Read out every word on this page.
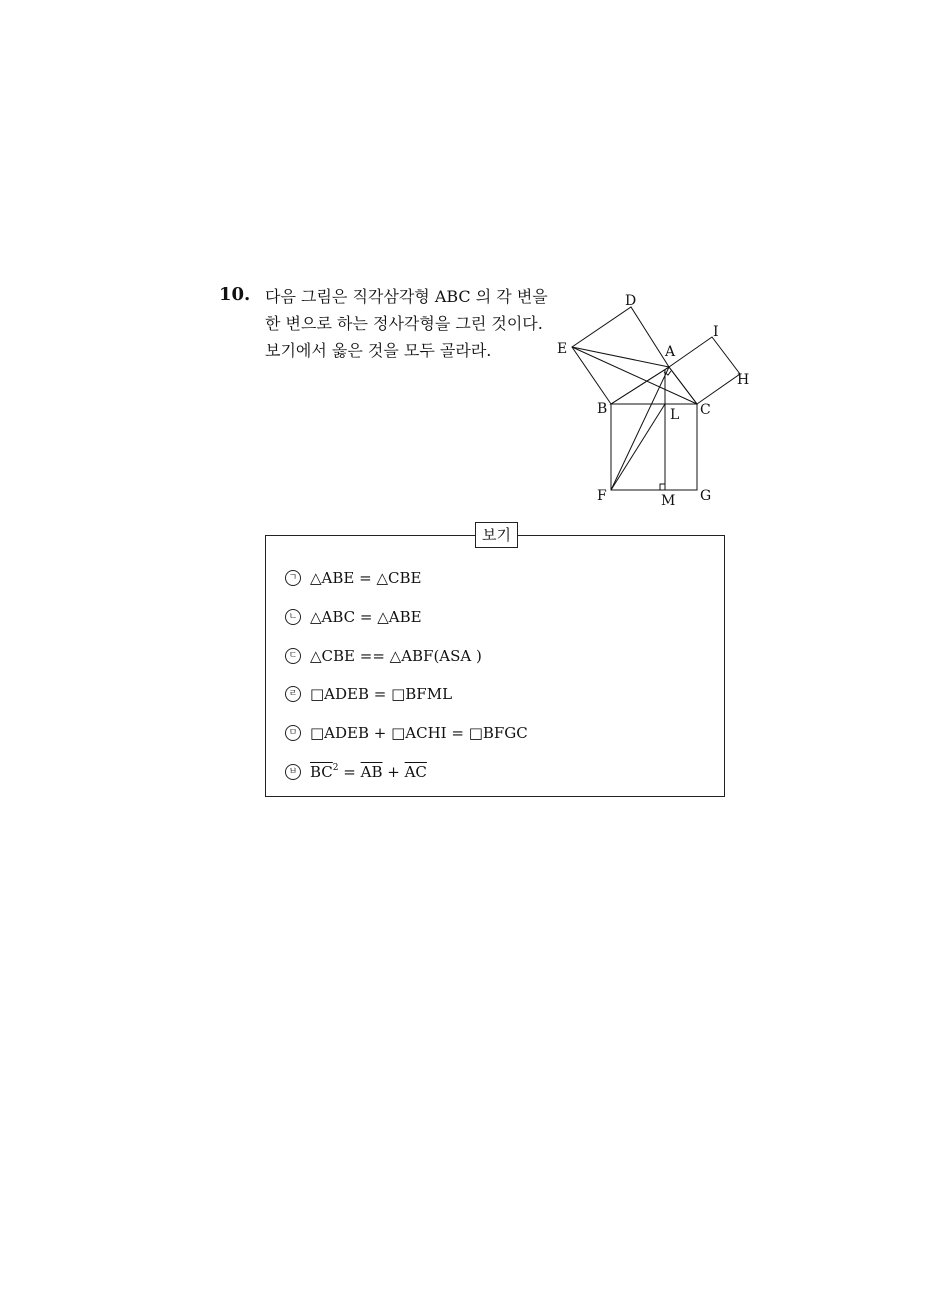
10. 다음 그림은 직각삼각형 ABC 의 각 변을
한 변으로 하는 정사각형을 그린 것이다.
보기에서 옳은 것을 모두 골라라.
D
I
E	A
H
B	L C
F	M G
보기
ㄱ △ABE = △CBE
ㄴ △ABC = △ABE
ㄷ △CBE == △ABF(ASA )
ㄹ □ADEB = □BFML
ㅁ □ADEB + □ACHI = □BFGC
ㅂ $\overline{BC}^2 = \overline{AB} + \overline{AC}$
